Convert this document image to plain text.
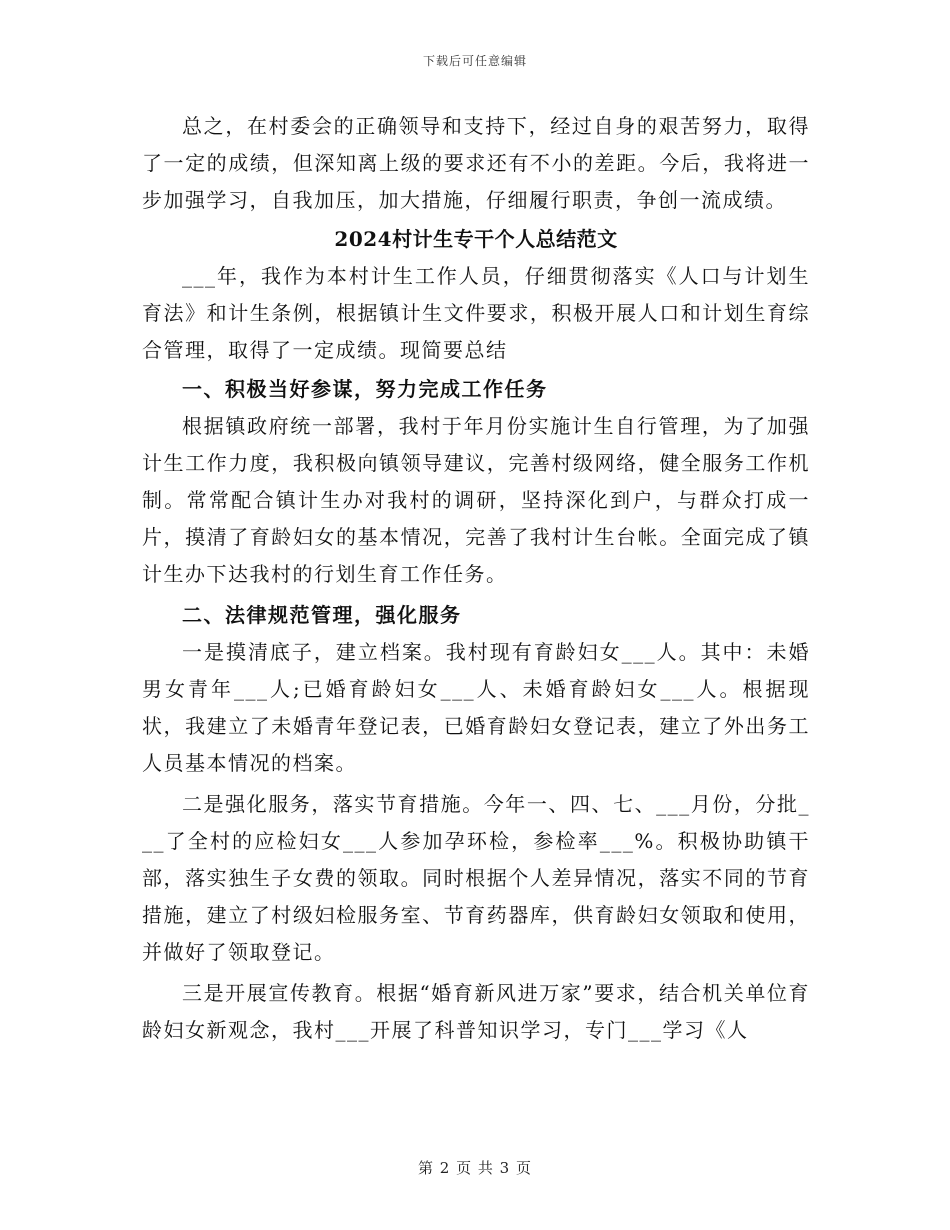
下载后可任意编辑

总之，在村委会的正确领导和支持下，经过自身的艰苦努力，取得了一定的成绩，但深知离上级的要求还有不小的差距。今后，我将进一步加强学习，自我加压，加大措施，仔细履行职责，争创一流成绩。

2024村计生专干个人总结范文

___年，我作为本村计生工作人员，仔细贯彻落实《人口与计划生育法》和计生条例，根据镇计生文件要求，积极开展人口和计划生育综合管理，取得了一定成绩。现简要总结

一、积极当好参谋，努力完成工作任务

根据镇政府统一部署，我村于年月份实施计生自行管理，为了加强计生工作力度，我积极向镇领导建议，完善村级网络，健全服务工作机制。常常配合镇计生办对我村的调研，坚持深化到户，与群众打成一片，摸清了育龄妇女的基本情况，完善了我村计生台帐。全面完成了镇计生办下达我村的行划生育工作任务。

二、法律规范管理，强化服务

一是摸清底子，建立档案。我村现有育龄妇女___人。其中：未婚男女青年___人;已婚育龄妇女___人、未婚育龄妇女___人。根据现状，我建立了未婚青年登记表，已婚育龄妇女登记表，建立了外出务工人员基本情况的档案。

二是强化服务，落实节育措施。今年一、四、七、___月份，分批___了全村的应检妇女___人参加孕环检，参检率___%。积极协助镇干部，落实独生子女费的领取。同时根据个人差异情况，落实不同的节育措施，建立了村级妇检服务室、节育药器库，供育龄妇女领取和使用，并做好了领取登记。

三是开展宣传教育。根据“婚育新风进万家”要求，结合机关单位育龄妇女新观念，我村___开展了科普知识学习，专门___学习《人

第 2 页 共 3 页
